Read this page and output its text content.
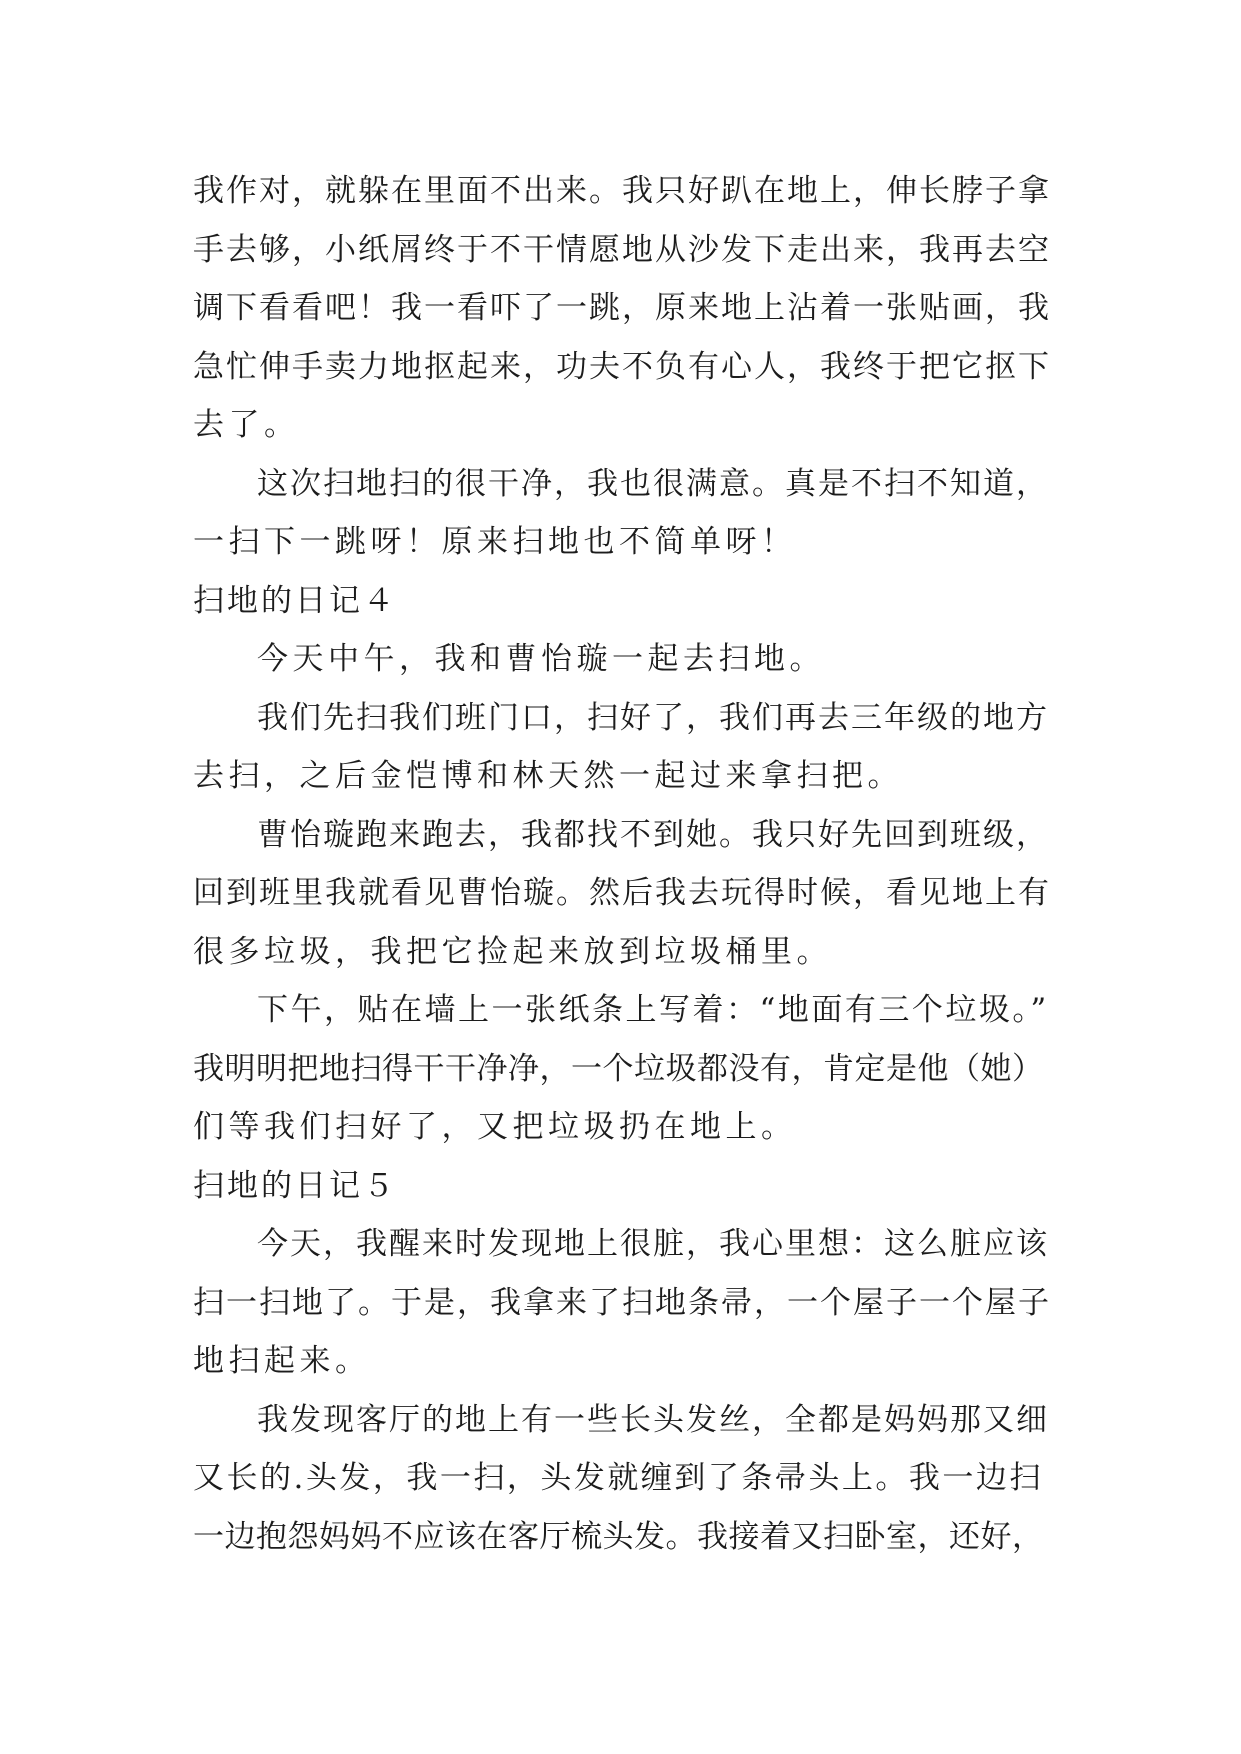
我作对，就躲在里面不出来。我只好趴在地上，伸长脖子拿
手去够，小纸屑终于不干情愿地从沙发下走出来，我再去空
调下看看吧！我一看吓了一跳，原来地上沾着一张贴画，我
急忙伸手卖力地抠起来，功夫不负有心人，我终于把它抠下
去了。
这次扫地扫的很干净，我也很满意。真是不扫不知道，
一扫下一跳呀！原来扫地也不简单呀！
扫地的日记４
今天中午，我和曹怡璇一起去扫地。
我们先扫我们班门口，扫好了，我们再去三年级的地方
去扫，之后金恺博和林天然一起过来拿扫把。
曹怡璇跑来跑去，我都找不到她。我只好先回到班级，
回到班里我就看见曹怡璇。然后我去玩得时候，看见地上有
很多垃圾，我把它捡起来放到垃圾桶里。
下午，贴在墙上一张纸条上写着：“地面有三个垃圾。”
我明明把地扫得干干净净，一个垃圾都没有，肯定是他（她）
们等我们扫好了，又把垃圾扔在地上。
扫地的日记５
今天，我醒来时发现地上很脏，我心里想：这么脏应该
扫一扫地了。于是，我拿来了扫地条帚，一个屋子一个屋子
地扫起来。
我发现客厅的地上有一些长头发丝，全都是妈妈那又细
又长的.头发，我一扫，头发就缠到了条帚头上。我一边扫
一边抱怨妈妈不应该在客厅梳头发。我接着又扫卧室，还好，
